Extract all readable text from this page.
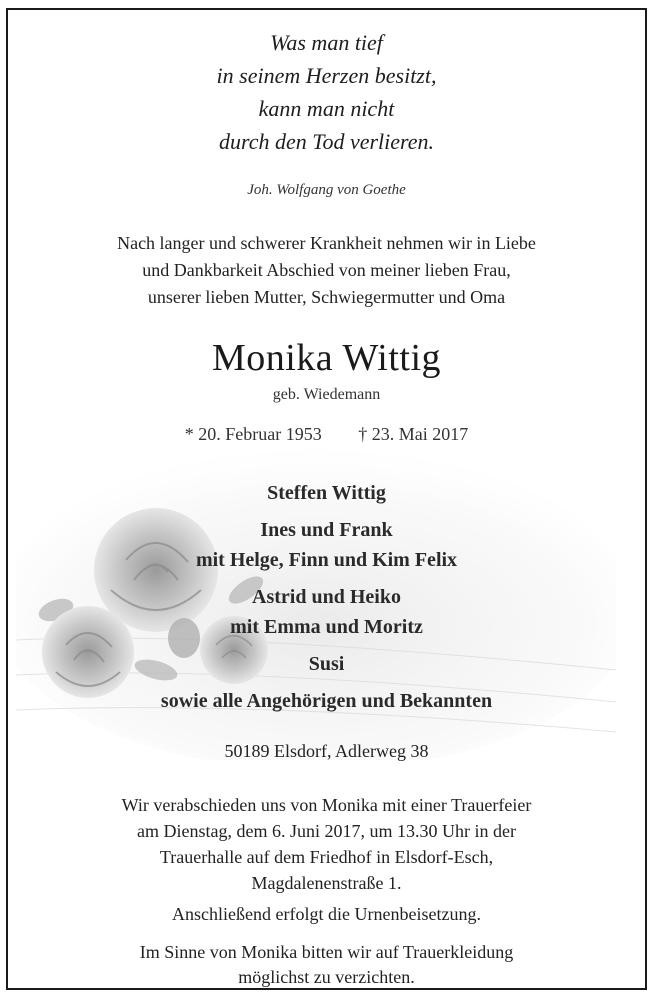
Was man tief
in seinem Herzen besitzt,
kann man nicht
durch den Tod verlieren.
Joh. Wolfgang von Goethe
Nach langer und schwerer Krankheit nehmen wir in Liebe
und Dankbarkeit Abschied von meiner lieben Frau,
unserer lieben Mutter, Schwiegermutter und Oma
Monika Wittig
geb. Wiedemann
* 20. Februar 1953 † 23. Mai 2017
Steffen Wittig
Ines und Frank
mit Helge, Finn und Kim Felix
Astrid und Heiko
mit Emma und Moritz
Susi
sowie alle Angehörigen und Bekannten
50189 Elsdorf, Adlerweg 38
Wir verabschieden uns von Monika mit einer Trauerfeier
am Dienstag, dem 6. Juni 2017, um 13.30 Uhr in der
Trauerhalle auf dem Friedhof in Elsdorf-Esch,
Magdalenenstraße 1.
Anschließend erfolgt die Urnenbeisetzung.
Im Sinne von Monika bitten wir auf Trauerkleidung
möglichst zu verzichten.
